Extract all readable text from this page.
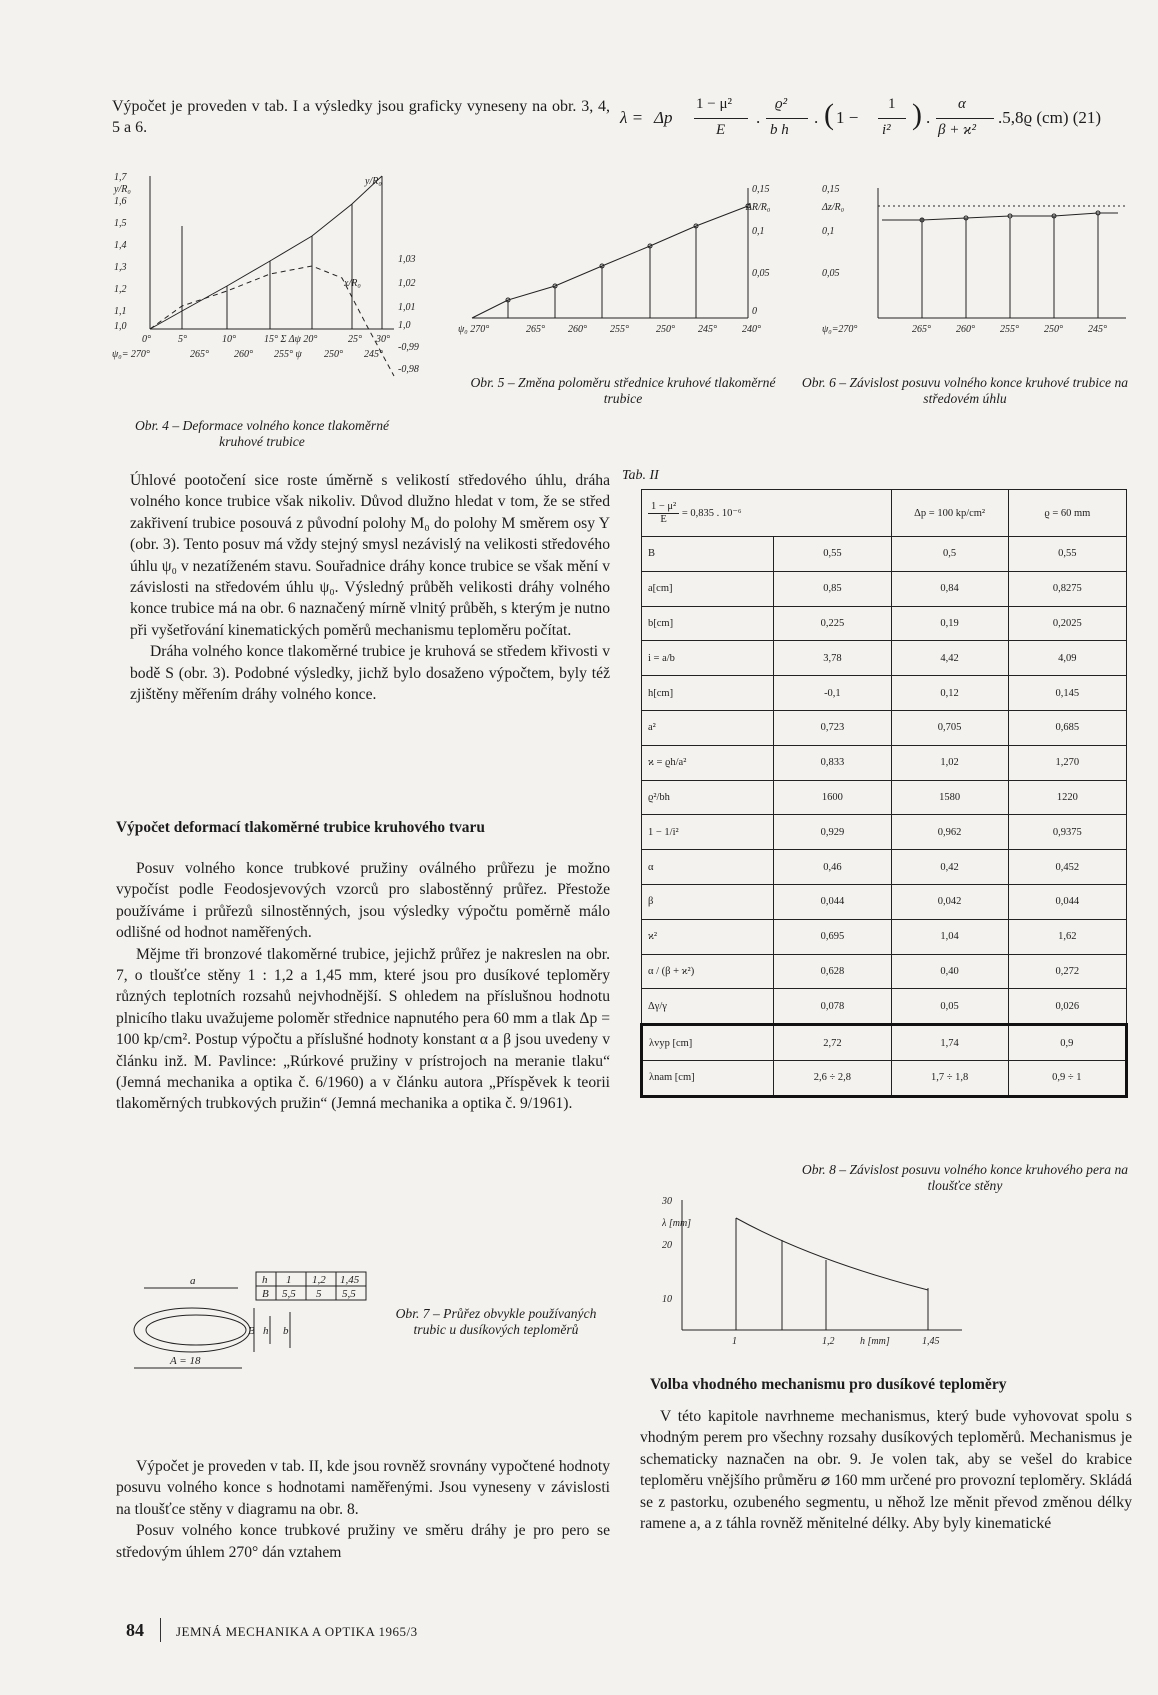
Výpočet je proveden v tab. I a výsledky jsou graficky vyneseny na obr. 3, 4, 5 a 6.
λ = Δp
1 − μ²
E
.
ϱ²
b h
. ( 1 −
1
i² ) .
α
β + ϰ²
.5,8ϱ (cm) (21)
1,7
y/R₀
1,6
1,5
1,4
1,3
1,2
1,1
1,0
y/R₀
x/R₀
1,03
1,02
1,01
1,0
-0,99
-0,98
0°	5°	10°	15° Σ Δψ 20°	25° 30°
ψ₀= 270°	265°	260° 255° ψ 250° 245°
Obr. 4 – Deformace volného konce tlakoměrné kruhové trubice
0,15
ΔR/R₀
0,1
0,05
0
ψ₀ 270°	265° 260° 255°	250° 245°	240°
Obr. 5 – Změna poloměru střednice kruhové tlakoměrné trubice
0,15
Δz/R₀
0,1
0,05
ψ₀=270°	265°	260°	255°	250°	245°
Obr. 6 – Závislost posuvu volného konce kruhové trubice na středovém úhlu

Úhlové pootočení sice roste úměrně s velikostí středového úhlu, dráha volného konce trubice však nikoliv. Důvod dlužno hledat v tom, že se střed zakřivení trubice posouvá z původní polohy M₀ do polohy M směrem osy Y (obr. 3). Tento posuv má vždy stejný smysl nezávislý na velikosti středového úhlu ψ₀ v nezatíženém stavu. Souřadnice dráhy konce trubice se však mění v závislosti na středovém úhlu ψ₀. Výsledný průběh velikosti dráhy volného konce trubice má na obr. 6 naznačený mírně vlnitý průběh, s kterým je nutno při vyšetřování kinematických poměrů mechanismu teploměru počítat.

Dráha volného konce tlakoměrné trubice je kruhová se středem křivosti v bodě S (obr. 3). Podobné výsledky, jichž bylo dosaženo výpočtem, byly též zjištěny měřením dráhy volného konce.

Výpočet deformací tlakoměrné trubice kruhového tvaru

Posuv volného konce trubkové pružiny oválného průřezu je možno vypočíst podle Feodosjevových vzorců pro slabostěnný průřez. Přestože používáme i průřezů silnostěnných, jsou výsledky výpočtu poměrně málo odlišné od hodnot naměřených.

Mějme tři bronzové tlakoměrné trubice, jejichž průřez je nakreslen na obr. 7, o tloušťce stěny 1 : 1,2 a 1,45 mm, které jsou pro dusíkové teploměry různých teplotních rozsahů nejvhodnější. S ohledem na příslušnou hodnotu plnicího tlaku uvažujeme poloměr střednice napnutého pera 60 mm a tlak Δp = 100 kp/cm². Postup výpočtu a příslušné hodnoty konstant α a β jsou uvedeny v článku inž. M. Pavlince: „Rúrkové pružiny v prístrojoch na meranie tlaku“ (Jemná mechanika a optika č. 6/1960) a v článku autora „Příspěvek k teorii tlakoměrných trubkových pružin“ (Jemná mechanika a optika č. 9/1961).

a
A = 18
B h b
h 1 1,2 1,45
B 5,5 5 5,5
Obr. 7 – Průřez obvykle používaných trubic u dusíkových teploměrů

Výpočet je proveden v tab. II, kde jsou rovněž srovnány vypočtené hodnoty posuvu volného konce s hodnotami naměřenými. Jsou vyneseny v závislosti na tloušťce stěny v diagramu na obr. 8.

Posuv volného konce trubkové pružiny ve směru dráhy je pro pero se středovým úhlem 270° dán vztahem

Tab. II
$\frac{\text{1 − μ²}}{E} = 0,835$ . 10⁻⁶		Δp = 100 kp/cm²	ϱ = 60 mm
B	0,55	0,5	0,55
a[cm]	0,85	0,84	0,8275
b[cm]	0,225	0,19	0,2025
i = a/b	3,78	4,42	4,09
h[cm]	-0,1	0,12	0,145
a²	0,723	0,705	0,685
ϰ = ϱh/a²	0,833	1,02	1,270
ϱ²/bh	1600	1580	1220
1 − 1/i²	0,929	0,962	0,9375
α	0,46	0,42	0,452
β	0,044	0,042	0,044
ϰ²	0,695	1,04	1,62
α / (β + ϰ²)	0,628	0,40	0,272
Δγ/γ	0,078	0,05	0,026
λvyp [cm]	2,72	1,74	0,9
λnam [cm]	2,6 ÷ 2,8	1,7 ÷ 1,8	0,9 ÷ 1
Obr. 8 – Závislost posuvu volného konce kruhového pera na tloušťce stěny
30
λ [mm]
20
10
1	1,2	h [mm]	1,45
Volba vhodného mechanismu pro dusíkové teploměry

V této kapitole navrhneme mechanismus, který bude vyhovovat spolu s vhodným perem pro všechny rozsahy dusíkových teploměrů. Mechanismus je schematicky naznačen na obr. 9. Je volen tak, aby se vešel do krabice teploměru vnějšího průměru ⌀ 160 mm určené pro provozní teploměry. Skládá se z pastorku, ozubeného segmentu, u něhož lze měnit převod změnou délky ramene a, a z táhla rovněž měnitelné délky. Aby byly kinematické

84 JEMNÁ MECHANIKA A OPTIKA 1965/3
